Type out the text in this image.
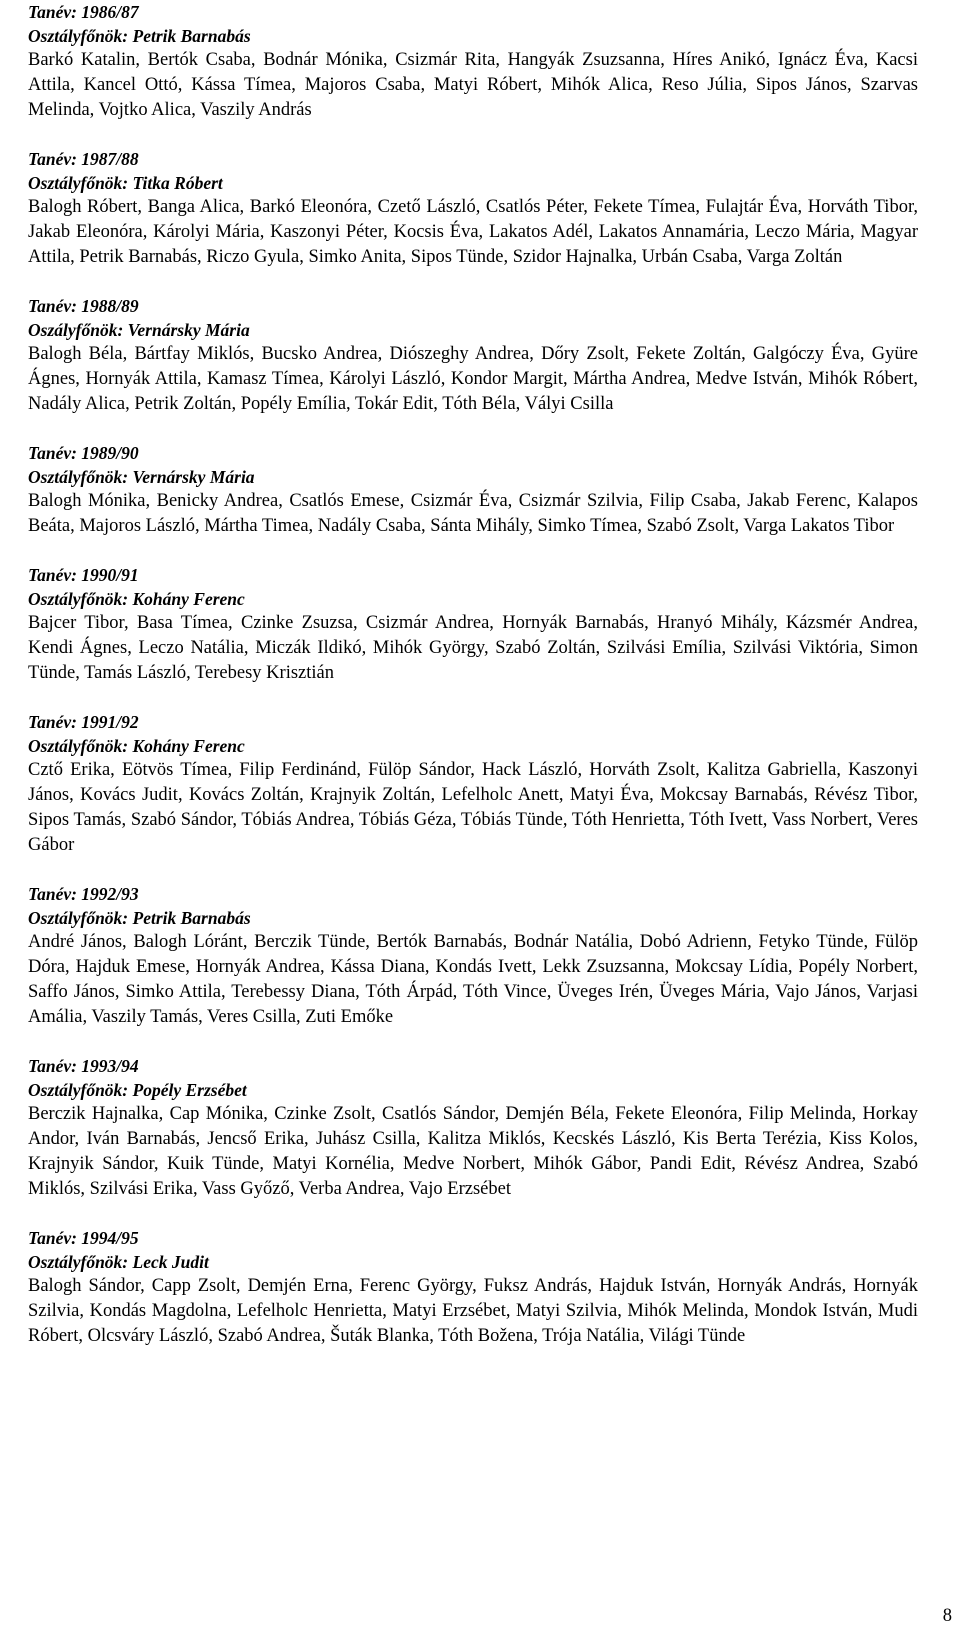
Tanév: 1986/87

Osztályfőnök: Petrik Barnabás

Barkó Katalin, Bertók Csaba, Bodnár Mónika, Csizmár Rita, Hangyák Zsuzsanna, Híres Anikó, Ignácz Éva, Kacsi Attila, Kancel Ottó, Kássa Tímea, Majoros Csaba, Matyi Róbert, Mihók Alica, Reso Júlia, Sipos János, Szarvas Melinda, Vojtko Alica, Vaszily András

Tanév: 1987/88

Osztályfőnök: Titka Róbert

Balogh Róbert, Banga Alica, Barkó Eleonóra, Czető László, Csatlós Péter, Fekete Tímea, Fulajtár Éva, Horváth Tibor, Jakab Eleonóra, Károlyi Mária, Kaszonyi Péter, Kocsis Éva, Lakatos Adél, Lakatos Annamária, Leczo Mária, Magyar Attila, Petrik Barnabás, Riczo Gyula, Simko Anita, Sipos Tünde, Szidor Hajnalka, Urbán Csaba, Varga Zoltán

Tanév: 1988/89

Oszályfőnök: Vernársky Mária

Balogh Béla, Bártfay Miklós, Bucsko Andrea, Diószeghy Andrea, Dőry Zsolt, Fekete Zoltán, Galgóczy Éva, Gyüre Ágnes, Hornyák Attila, Kamasz Tímea, Károlyi László, Kondor Margit, Mártha Andrea, Medve István, Mihók Róbert, Nadály Alica, Petrik Zoltán, Popély Emília, Tokár Edit, Tóth Béla, Vályi Csilla

Tanév: 1989/90

Osztályfőnök: Vernársky Mária

Balogh Mónika, Benicky Andrea, Csatlós Emese, Csizmár Éva, Csizmár Szilvia, Filip Csaba, Jakab Ferenc, Kalapos Beáta, Majoros László, Mártha Timea, Nadály Csaba, Sánta Mihály, Simko Tímea, Szabó Zsolt, Varga Lakatos Tibor

Tanév: 1990/91

Osztályfőnök: Kohány Ferenc

Bajcer Tibor, Basa Tímea, Czinke Zsuzsa, Csizmár Andrea, Hornyák Barnabás, Hranyó Mihály, Kázsmér Andrea, Kendi Ágnes, Leczo Natália, Miczák Ildikó, Mihók György, Szabó Zoltán, Szilvási Emília, Szilvási Viktória, Simon Tünde, Tamás László, Terebesy Krisztián

Tanév: 1991/92

Osztályfőnök: Kohány Ferenc

Cztő Erika, Eötvös Tímea, Filip Ferdinánd, Fülöp Sándor, Hack László, Horváth Zsolt, Kalitza Gabriella, Kaszonyi János, Kovács Judit, Kovács Zoltán, Krajnyik Zoltán, Lefelholc Anett, Matyi Éva, Mokcsay Barnabás, Révész Tibor, Sipos Tamás, Szabó Sándor, Tóbiás Andrea, Tóbiás Géza, Tóbiás Tünde, Tóth Henrietta, Tóth Ivett, Vass Norbert, Veres Gábor

Tanév: 1992/93

Osztályfőnök: Petrik Barnabás

André János, Balogh Lóránt, Berczik Tünde, Bertók Barnabás, Bodnár Natália, Dobó Adrienn, Fetyko Tünde, Fülöp Dóra, Hajduk Emese, Hornyák Andrea, Kássa Diana, Kondás Ivett, Lekk Zsuzsanna, Mokcsay Lídia, Popély Norbert, Saffo János, Simko Attila, Terebessy Diana, Tóth Árpád, Tóth Vince, Üveges Irén, Üveges Mária, Vajo János, Varjasi Amália, Vaszily Tamás, Veres Csilla, Zuti Emőke

Tanév: 1993/94

Osztályfőnök: Popély Erzsébet

Berczik Hajnalka, Cap Mónika, Czinke Zsolt, Csatlós Sándor, Demjén Béla, Fekete Eleonóra, Filip Melinda, Horkay Andor, Iván Barnabás, Jencső Erika, Juhász Csilla, Kalitza Miklós, Kecskés László, Kis Berta Terézia, Kiss Kolos, Krajnyik Sándor, Kuik Tünde, Matyi Kornélia, Medve Norbert, Mihók Gábor, Pandi Edit, Révész Andrea, Szabó Miklós, Szilvási Erika, Vass Győző, Verba Andrea, Vajo Erzsébet

Tanév: 1994/95

Osztályfőnök: Leck Judit

Balogh Sándor, Capp Zsolt, Demjén Erna, Ferenc György, Fuksz András, Hajduk István, Hornyák András, Hornyák Szilvia, Kondás Magdolna, Lefelholc Henrietta, Matyi Erzsébet, Matyi Szilvia, Mihók Melinda, Mondok István, Mudi Róbert, Olcsváry László, Szabó Andrea, Šuták Blanka, Tóth Božena, Trója Natália, Világi Tünde

8
